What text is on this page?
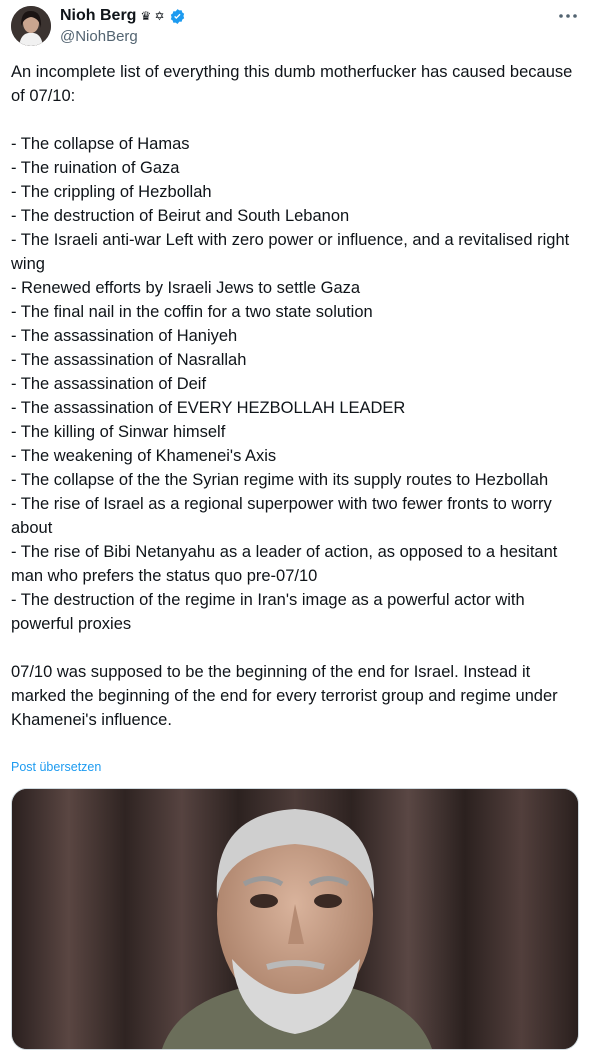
Nioh Berg ♛ ✡
@NiohBerg

An incomplete list of everything this dumb motherfucker has caused because of 07/10:

- The collapse of Hamas
- The ruination of Gaza
- The crippling of Hezbollah
- The destruction of Beirut and South Lebanon
- The Israeli anti-war Left with zero power or influence, and a revitalised right wing
- Renewed efforts by Israeli Jews to settle Gaza
- The final nail in the coffin for a two state solution
- The assassination of Haniyeh
- The assassination of Nasrallah
- The assassination of Deif
- The assassination of EVERY HEZBOLLAH LEADER
- The killing of Sinwar himself
- The weakening of Khamenei's Axis
- The collapse of the the Syrian regime with its supply routes to Hezbollah
- The rise of Israel as a regional superpower with two fewer fronts to worry about
- The rise of Bibi Netanyahu as a leader of action, as opposed to a hesitant man who prefers the status quo pre-07/10
- The destruction of the regime in Iran's image as a powerful actor with powerful proxies

07/10 was supposed to be the beginning of the end for Israel. Instead it marked the beginning of the end for every terrorist group and regime under Khamenei's influence.

Post übersetzen
